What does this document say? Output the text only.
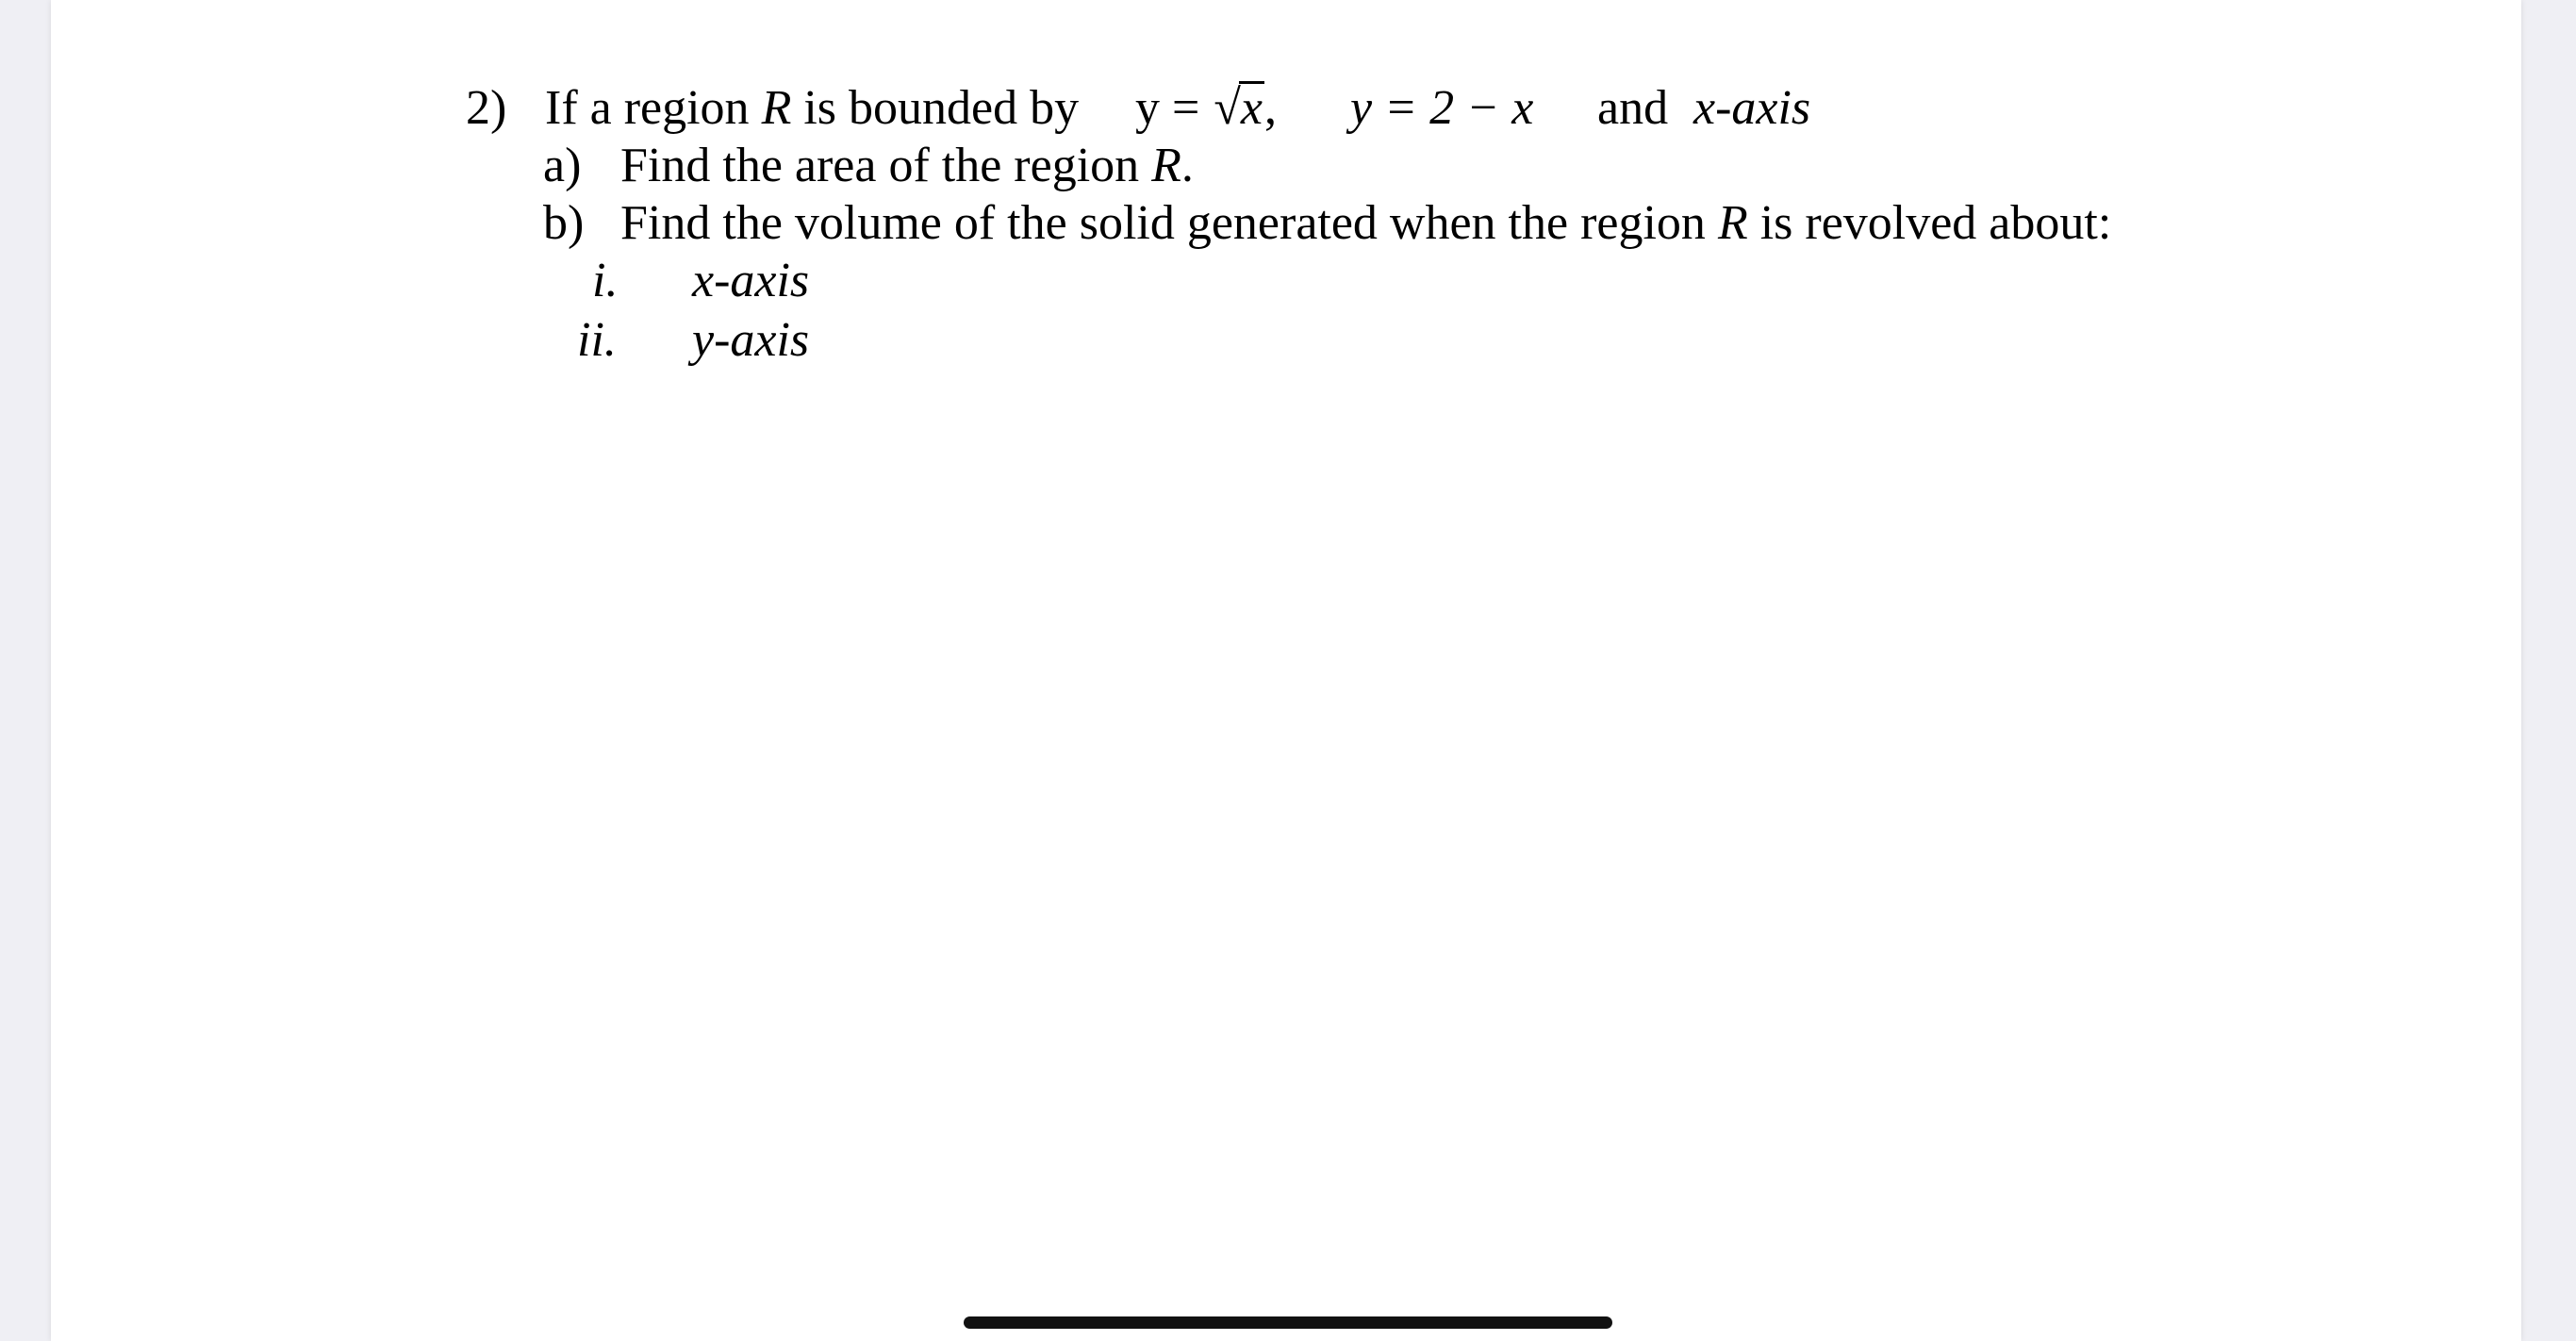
2) If a region R is bounded by y = √x, y = 2 − x and x-axis
a) Find the area of the region R.
b) Find the volume of the solid generated when the region R is revolved about:
i. x-axis
ii. y-axis
